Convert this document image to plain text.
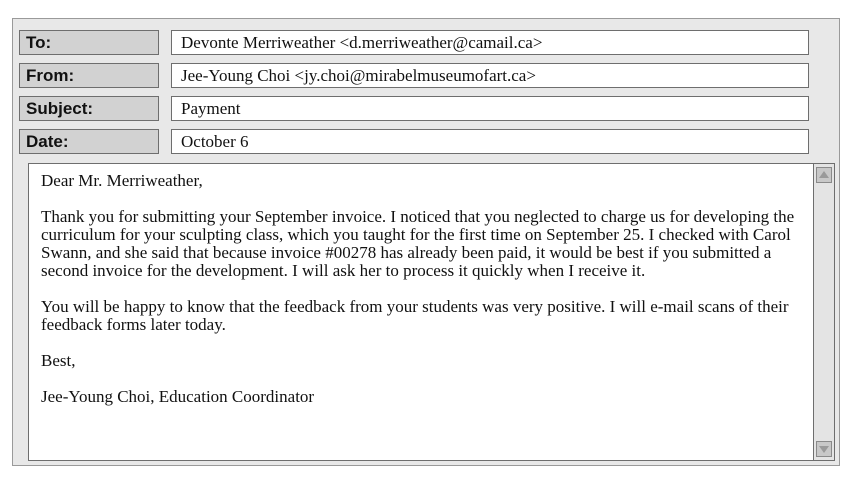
To:	Devonte Merriweather <d.merriweather@camail.ca>
From:	Jee-Young Choi <jy.choi@mirabelmuseumofart.ca>
Subject:	Payment
Date:	October 6

Dear Mr. Merriweather,

Thank you for submitting your September invoice. I noticed that you neglected to charge us for developing the curriculum for your sculpting class, which you taught for the first time on September 25. I checked with Carol Swann, and she said that because invoice #00278 has already been paid, it would be best if you submitted a second invoice for the development. I will ask her to process it quickly when I receive it.

You will be happy to know that the feedback from your students was very positive. I will e-mail scans of their feedback forms later today.

Best,

Jee-Young Choi, Education Coordinator
